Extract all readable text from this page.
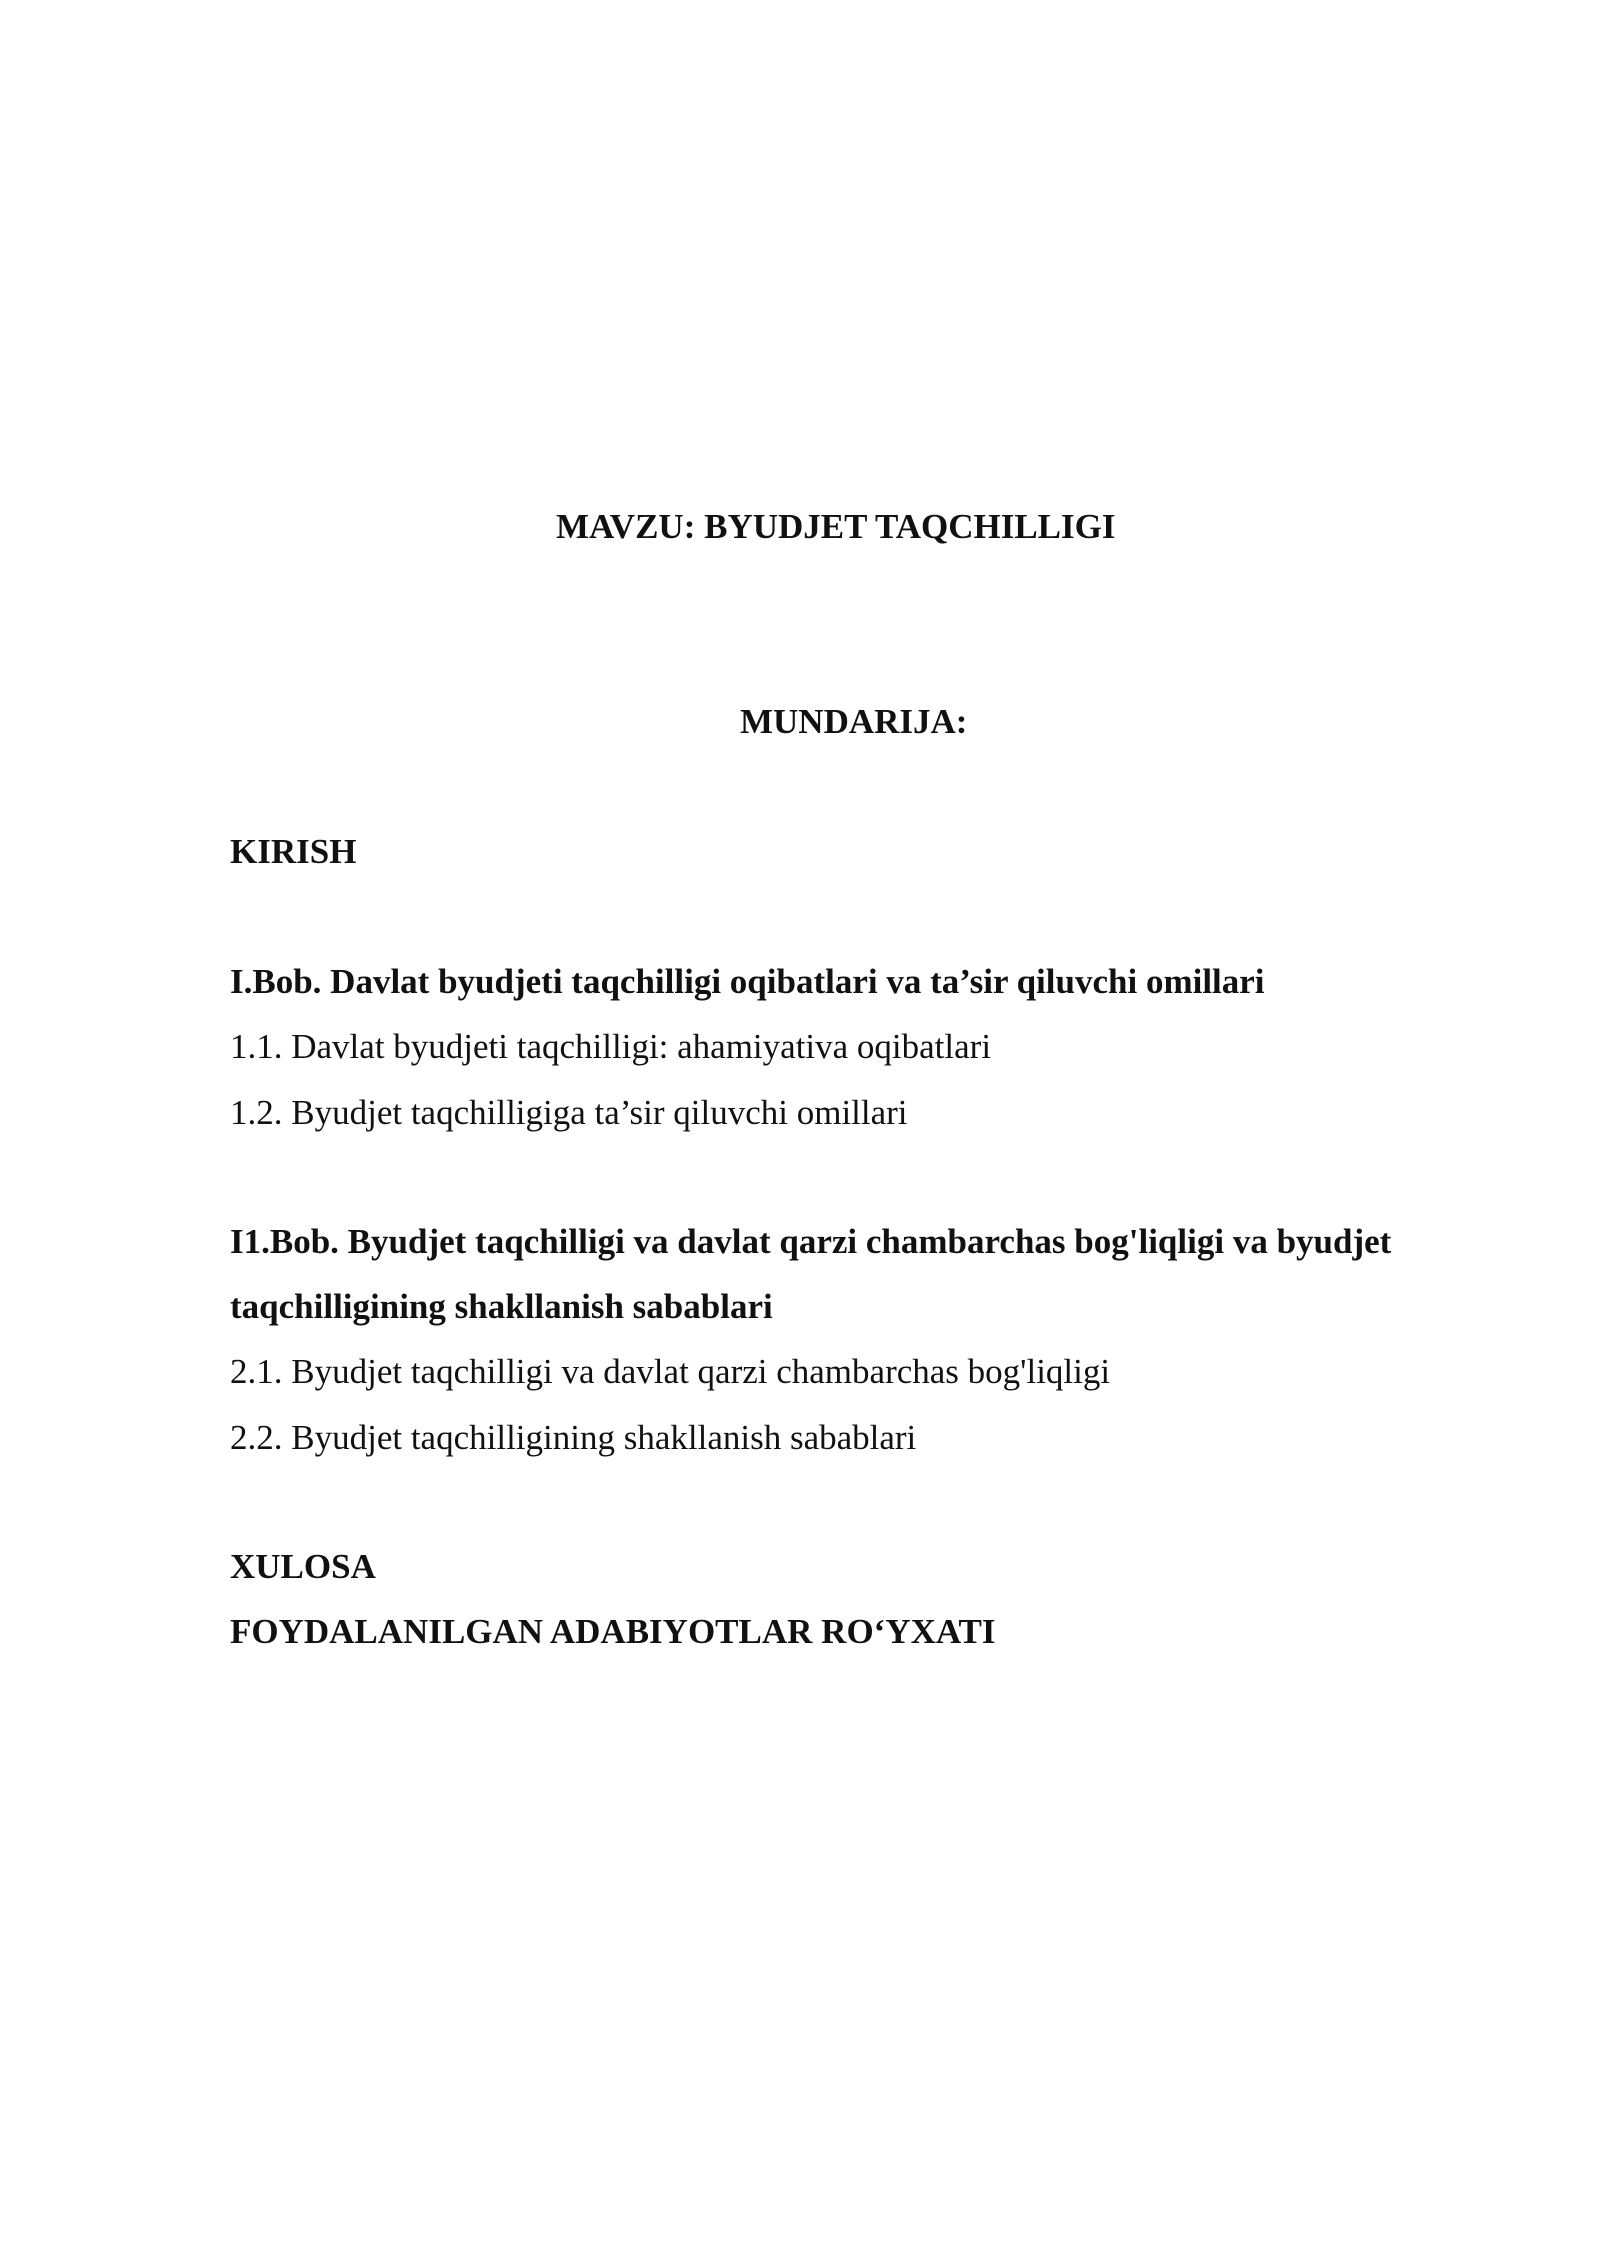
MAVZU: BYUDJET TAQCHILLIGI
MUNDARIJA:
KIRISH
I.Bob. Davlat byudjeti taqchilligi oqibatlari va ta’sir qiluvchi omillari
1.1. Davlat byudjeti taqchilligi: ahamiyativa oqibatlari
1.2. Byudjet taqchilligiga ta’sir qiluvchi omillari
I1.Bob. Byudjet taqchilligi va davlat qarzi chambarchas bog'liqligi va byudjet
taqchilligining shakllanish sabablari
2.1. Byudjet taqchilligi va davlat qarzi chambarchas bog'liqligi
2.2. Byudjet taqchilligining shakllanish sabablari
XULOSA
FOYDALANILGAN ADABIYOTLAR RO‘YXATI
